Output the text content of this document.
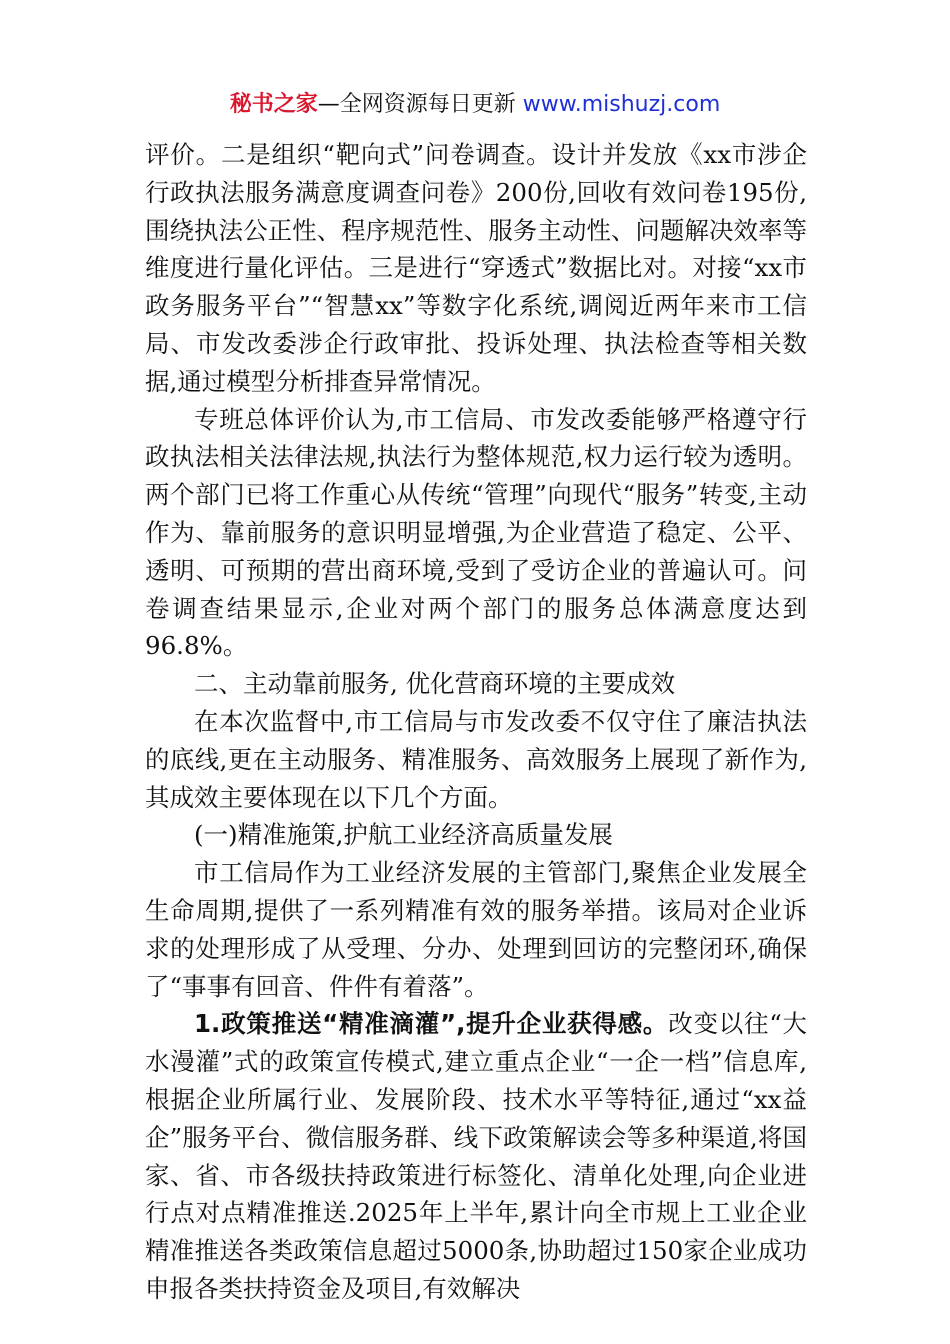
秘书之家—全网资源每日更新 www.mishuzj.com

评价。二是组织“靶向式”问卷调查。设计并发放《xx市涉企行政执法服务满意度调查问卷》200份,回收有效问卷195份,围绕执法公正性、程序规范性、服务主动性、问题解决效率等维度进行量化评估。三是进行“穿透式”数据比对。对接“xx市政务服务平台”“智慧xx”等数字化系统,调阅近两年来市工信局、市发改委涉企行政审批、投诉处理、执法检查等相关数据,通过模型分析排查异常情况。

专班总体评价认为,市工信局、市发改委能够严格遵守行政执法相关法律法规,执法行为整体规范,权力运行较为透明。两个部门已将工作重心从传统“管理”向现代“服务”转变,主动作为、靠前服务的意识明显增强,为企业营造了稳定、公平、透明、可预期的营出商环境,受到了受访企业的普遍认可。问卷调查结果显示,企业对两个部门的服务总体满意度达到96.8%。

二、主动靠前服务, 优化营商环境的主要成效

在本次监督中,市工信局与市发改委不仅守住了廉洁执法的底线,更在主动服务、精准服务、高效服务上展现了新作为,其成效主要体现在以下几个方面。

(一)精准施策,护航工业经济高质量发展

市工信局作为工业经济发展的主管部门,聚焦企业发展全生命周期,提供了一系列精准有效的服务举措。该局对企业诉求的处理形成了从受理、分办、处理到回访的完整闭环,确保了“事事有回音、件件有着落”。

1.政策推送“精准滴灌”,提升企业获得感。改变以往“大水漫灌”式的政策宣传模式,建立重点企业“一企一档”信息库,根据企业所属行业、发展阶段、技术水平等特征,通过“xx益企”服务平台、微信服务群、线下政策解读会等多种渠道,将国家、省、市各级扶持政策进行标签化、清单化处理,向企业进行点对点精准推送.2025年上半年,累计向全市规上工业企业精准推送各类政策信息超过5000条,协助超过150家企业成功申报各类扶持资金及项目,有效解决
